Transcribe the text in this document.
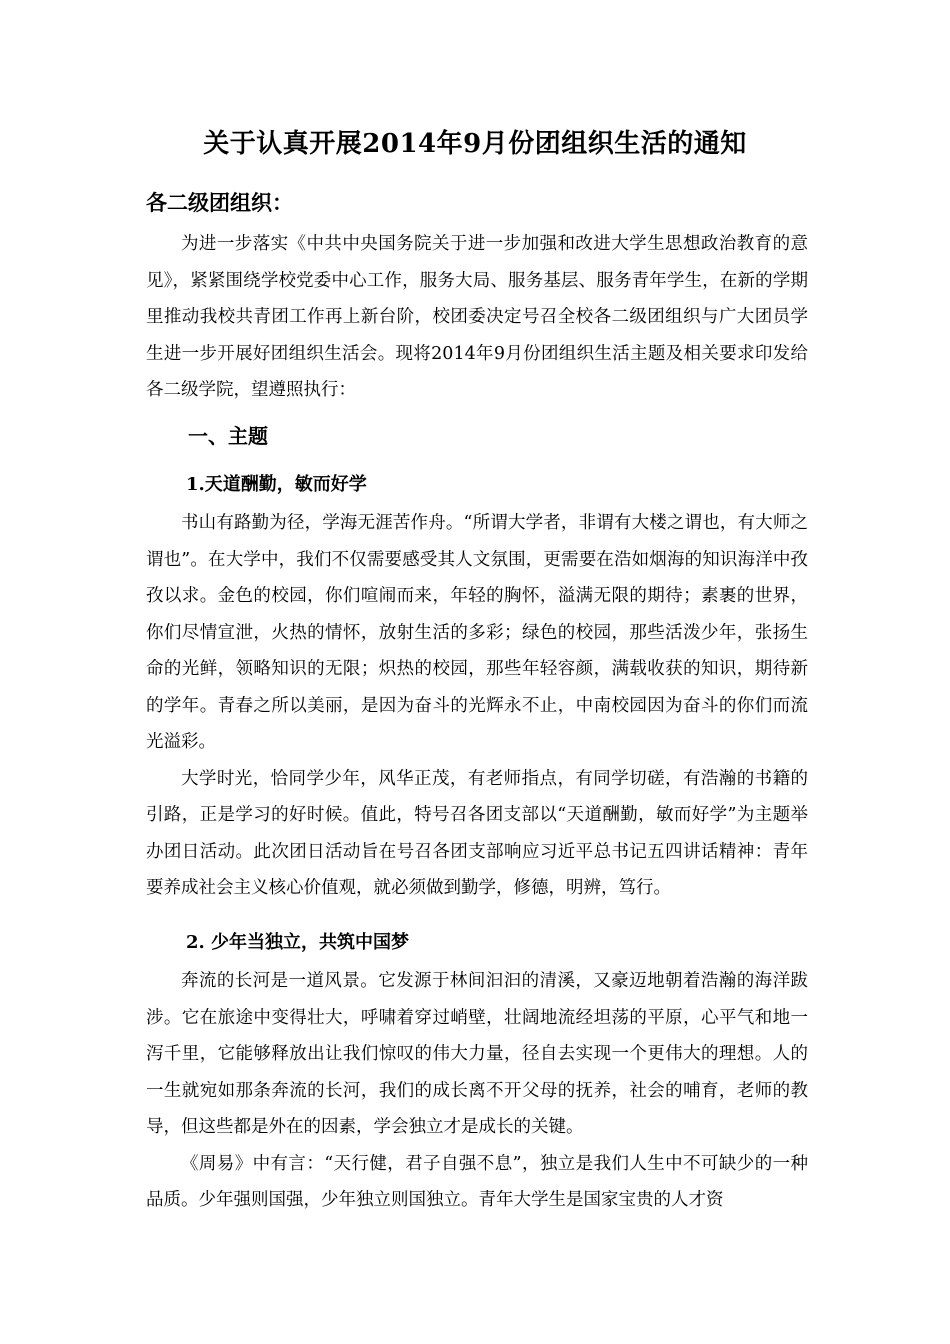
关于认真开展2014年9月份团组织生活的通知
各二级团组织：

为进一步落实《中共中央国务院关于进一步加强和改进大学生思想政治教育的意见》，紧紧围绕学校党委中心工作，服务大局、服务基层、服务青年学生，在新的学期里推动我校共青团工作再上新台阶，校团委决定号召全校各二级团组织与广大团员学生进一步开展好团组织生活会。现将2014年9月份团组织生活主题及相关要求印发给各二级学院，望遵照执行：

一、主题
1.天道酬勤，敏而好学

书山有路勤为径，学海无涯苦作舟。“所谓大学者，非谓有大楼之谓也，有大师之谓也”。在大学中，我们不仅需要感受其人文氛围，更需要在浩如烟海的知识海洋中孜孜以求。金色的校园，你们喧闹而来，年轻的胸怀，溢满无限的期待；素裹的世界，你们尽情宣泄，火热的情怀，放射生活的多彩；绿色的校园，那些活泼少年，张扬生命的光鲜，领略知识的无限；炽热的校园，那些年轻容颜，满载收获的知识，期待新的学年。青春之所以美丽，是因为奋斗的光辉永不止，中南校园因为奋斗的你们而流光溢彩。

大学时光，恰同学少年，风华正茂，有老师指点，有同学切磋，有浩瀚的书籍的引路，正是学习的好时候。值此，特号召各团支部以“天道酬勤，敏而好学”为主题举办团日活动。此次团日活动旨在号召各团支部响应习近平总书记五四讲话精神：青年要养成社会主义核心价值观，就必须做到勤学，修德，明辨，笃行。

2. 少年当独立，共筑中国梦

奔流的长河是一道风景。它发源于林间汩汩的清溪，又豪迈地朝着浩瀚的海洋跋涉。它在旅途中变得壮大，呼啸着穿过峭壁，壮阔地流经坦荡的平原，心平气和地一泻千里，它能够释放出让我们惊叹的伟大力量，径自去实现一个更伟大的理想。人的一生就宛如那条奔流的长河，我们的成长离不开父母的抚养，社会的哺育，老师的教导，但这些都是外在的因素，学会独立才是成长的关键。

《周易》中有言：“天行健，君子自强不息”，独立是我们人生中不可缺少的一种品质。少年强则国强，少年独立则国独立。青年大学生是国家宝贵的人才资
